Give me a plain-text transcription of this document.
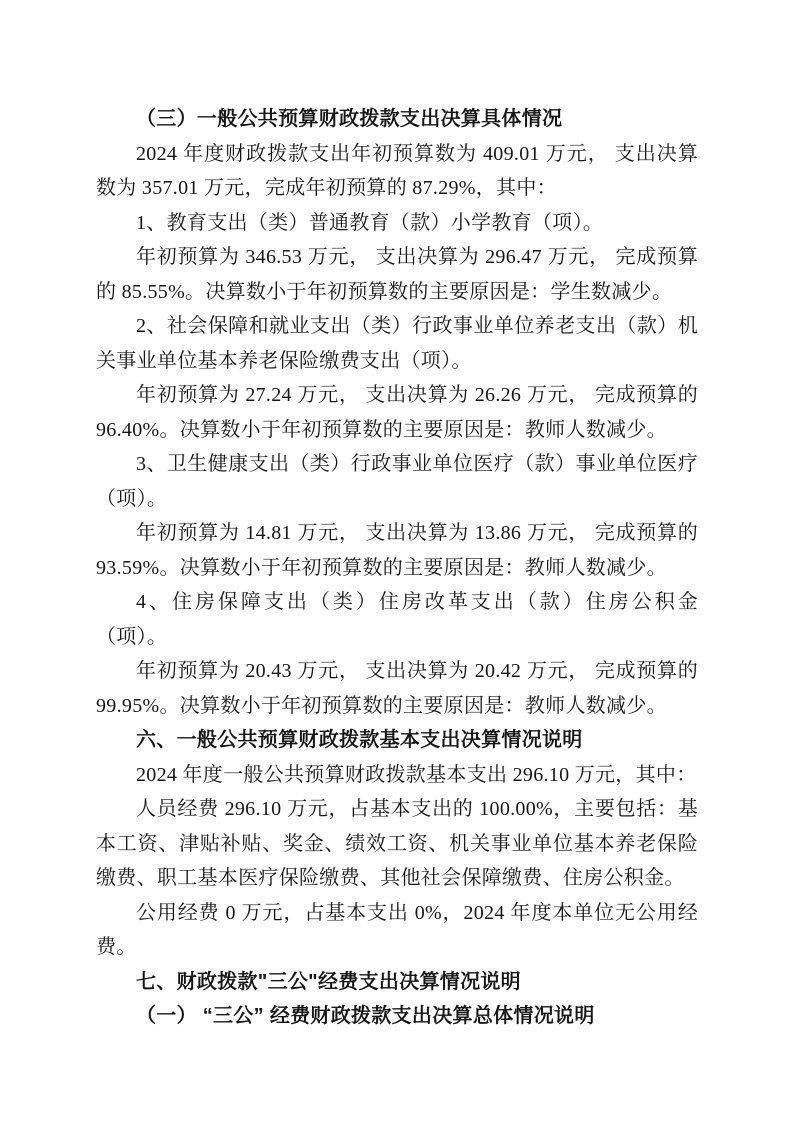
（三）一般公共预算财政拨款支出决算具体情况

2024 年度财政拨款支出年初预算数为 409.01 万元， 支出决算数为 357.01 万元，完成年初预算的 87.29%，其中：

1、教育支出（类）普通教育（款）小学教育（项）。

年初预算为 346.53 万元， 支出决算为 296.47 万元， 完成预算的 85.55%。决算数小于年初预算数的主要原因是：学生数减少。

2、社会保障和就业支出（类）行政事业单位养老支出（款）机关事业单位基本养老保险缴费支出（项）。

年初预算为 27.24 万元， 支出决算为 26.26 万元， 完成预算的 96.40%。决算数小于年初预算数的主要原因是：教师人数减少。

3、卫生健康支出（类）行政事业单位医疗（款）事业单位医疗（项）。

年初预算为 14.81 万元， 支出决算为 13.86 万元， 完成预算的 93.59%。决算数小于年初预算数的主要原因是：教师人数减少。

4、住房保障支出（类）住房改革支出（款）住房公积金（项）。

年初预算为 20.43 万元， 支出决算为 20.42 万元， 完成预算的 99.95%。决算数小于年初预算数的主要原因是：教师人数减少。

六、一般公共预算财政拨款基本支出决算情况说明

2024 年度一般公共预算财政拨款基本支出 296.10 万元，其中：

人员经费 296.10 万元，占基本支出的 100.00%，主要包括：基本工资、津贴补贴、奖金、绩效工资、机关事业单位基本养老保险缴费、职工基本医疗保险缴费、其他社会保障缴费、住房公积金。

公用经费 0 万元，占基本支出 0%，2024 年度本单位无公用经费。

七、财政拨款"三公"经费支出决算情况说明

（一） “三公” 经费财政拨款支出决算总体情况说明
